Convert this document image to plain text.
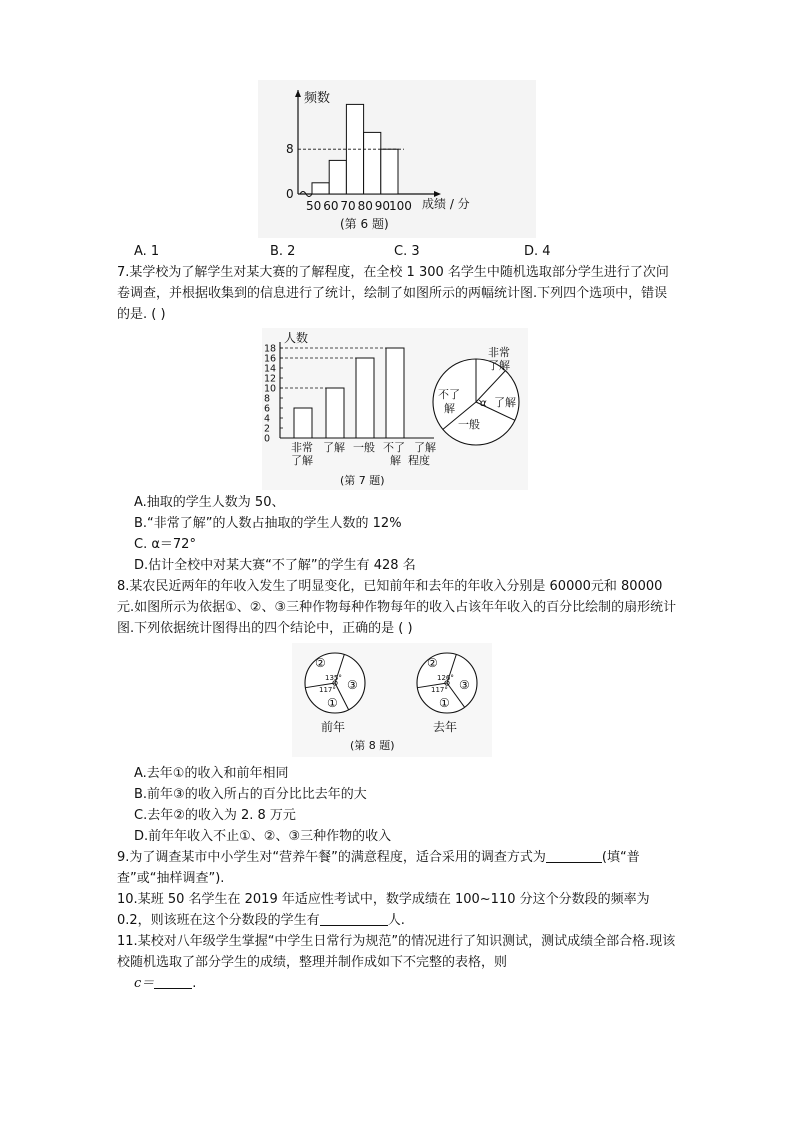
0
8
50 60 70 80 90
100
频数
成绩 / 分
(第 6 题)
A. 1	B. 2	C. 3	D. 4
7.某学校为了解学生对某大赛的了解程度，在全校 1 300 名学生中随机选取部分学生进行了次问卷调查，并根据收集到的信息进行了统计，绘制了如图所示的两幅统计图.下列四个选项中，错误的是. ( )
0
2
4
6
8
10
12
14
16
18
非常
了解
了解 一般 不了
解
了解
程度
非常
了解
了解
一般
不了
解	α
人数
(第 7 题)
A.抽取的学生人数为 50、
B.“非常了解”的人数占抽取的学生人数的 12%
C. α＝72°
D.估计全校中对某大赛“不了解”的学生有 428 名
8.某农民近两年的年收入发生了明显变化，已知前年和去年的年收入分别是 60000元和 80000元.如图所示为依据①、②、③三种作物每种作物每年的收入占该年年收入的百分比绘制的扇形统计图.下列依据统计图得出的四个结论中，正确的是 ( )
②
③
①
135°
117°
前年
②
③
①
126°
117°
去年
(第 8 题)
A.去年①的收入和前年相同
B.前年③的收入所占的百分比比去年的大
C.去年②的收入为 2. 8 万元
D.前年年收入不止①、②、③三种作物的收入
9.为了调查某市中小学生对“营养午餐”的满意程度，适合采用的调查方式为	(填“普查”或“抽样调查”).
10.某班 50 名学生在 2019 年适应性考试中，数学成绩在 100~110 分这个分数段的频率为 0.2，则该班在这个分数段的学生有	人.
11.某校对八年级学生掌握“中学生日常行为规范”的情况进行了知识测试，测试成绩全部合格.现该校随机选取了部分学生的成绩，整理并制作成如下不完整的表格，则
c＝	.
